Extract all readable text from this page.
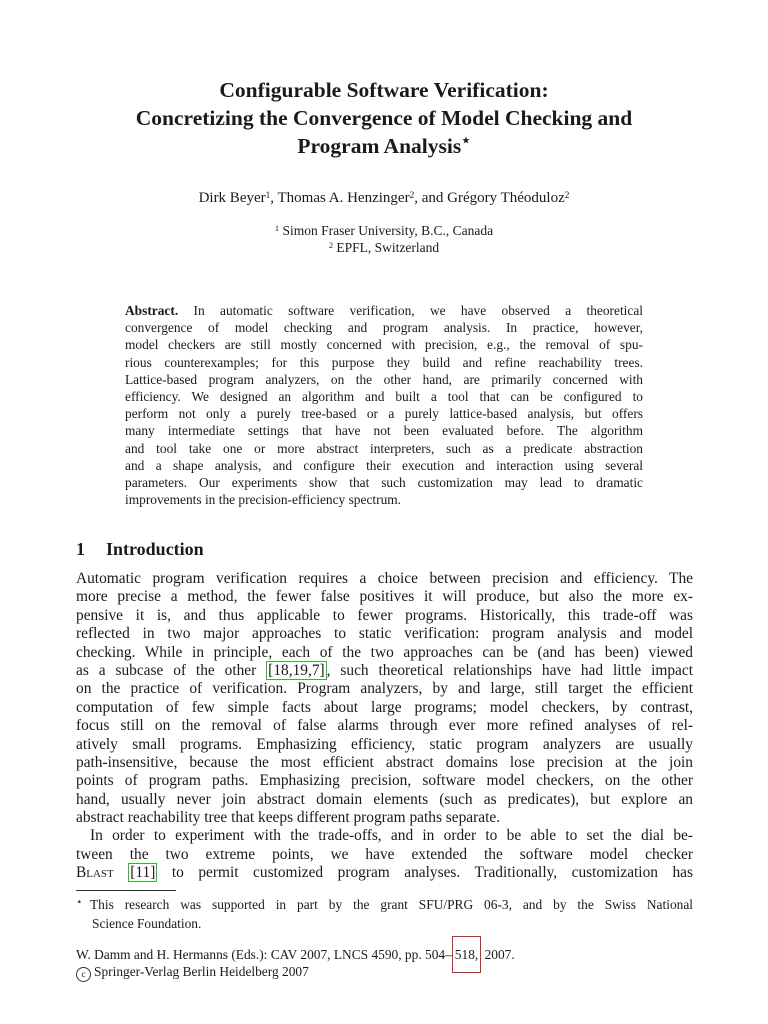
Configurable Software Verification:
Concretizing the Convergence of Model Checking and
Program Analysis⋆
Dirk Beyer$^1$, Thomas A. Henzinger$^2$, and Grégory Théoduloz$^2$
$^1$ Simon Fraser University, B.C., Canada
$^2$ EPFL, Switzerland
Abstract. In automatic software verification, we have observed a theoretical
convergence of model checking and program analysis. In practice, however,
model checkers are still mostly concerned with precision, e.g., the removal of spu-
rious counterexamples; for this purpose they build and refine reachability trees.
Lattice-based program analyzers, on the other hand, are primarily concerned with
efficiency. We designed an algorithm and built a tool that can be configured to
perform not only a purely tree-based or a purely lattice-based analysis, but offers
many intermediate settings that have not been evaluated before. The algorithm
and tool take one or more abstract interpreters, such as a predicate abstraction
and a shape analysis, and configure their execution and interaction using several
parameters. Our experiments show that such customization may lead to dramatic
improvements in the precision-efficiency spectrum.
1 Introduction
Automatic program verification requires a choice between precision and efficiency. The
more precise a method, the fewer false positives it will produce, but also the more ex-
pensive it is, and thus applicable to fewer programs. Historically, this trade-off was
reflected in two major approaches to static verification: program analysis and model
checking. While in principle, each of the two approaches can be (and has been) viewed
as a subcase of the other [18,19,7] , such theoretical relationships have had little impact
on the practice of verification. Program analyzers, by and large, still target the efficient
computation of few simple facts about large programs; model checkers, by contrast,
focus still on the removal of false alarms through ever more refined analyses of rel-
atively small programs. Emphasizing efficiency, static program analyzers are usually
path-insensitive, because the most efficient abstract domains lose precision at the join
points of program paths. Emphasizing precision, software model checkers, on the other
hand, usually never join abstract domain elements (such as predicates), but explore an
abstract reachability tree that keeps different program paths separate.
In order to experiment with the trade-offs, and in order to be able to set the dial be-
tween the two extreme points, we have extended the software model checker
Blast [11] to permit customized program analyses. Traditionally, customization has
⋆ This research was supported in part by the grant SFU/PRG 06-3, and by the Swiss National
Science Foundation.
W. Damm and H. Hermanns (Eds.): CAV 2007, LNCS 4590, pp. 504– 518, 2007.
c Springer-Verlag Berlin Heidelberg 2007
